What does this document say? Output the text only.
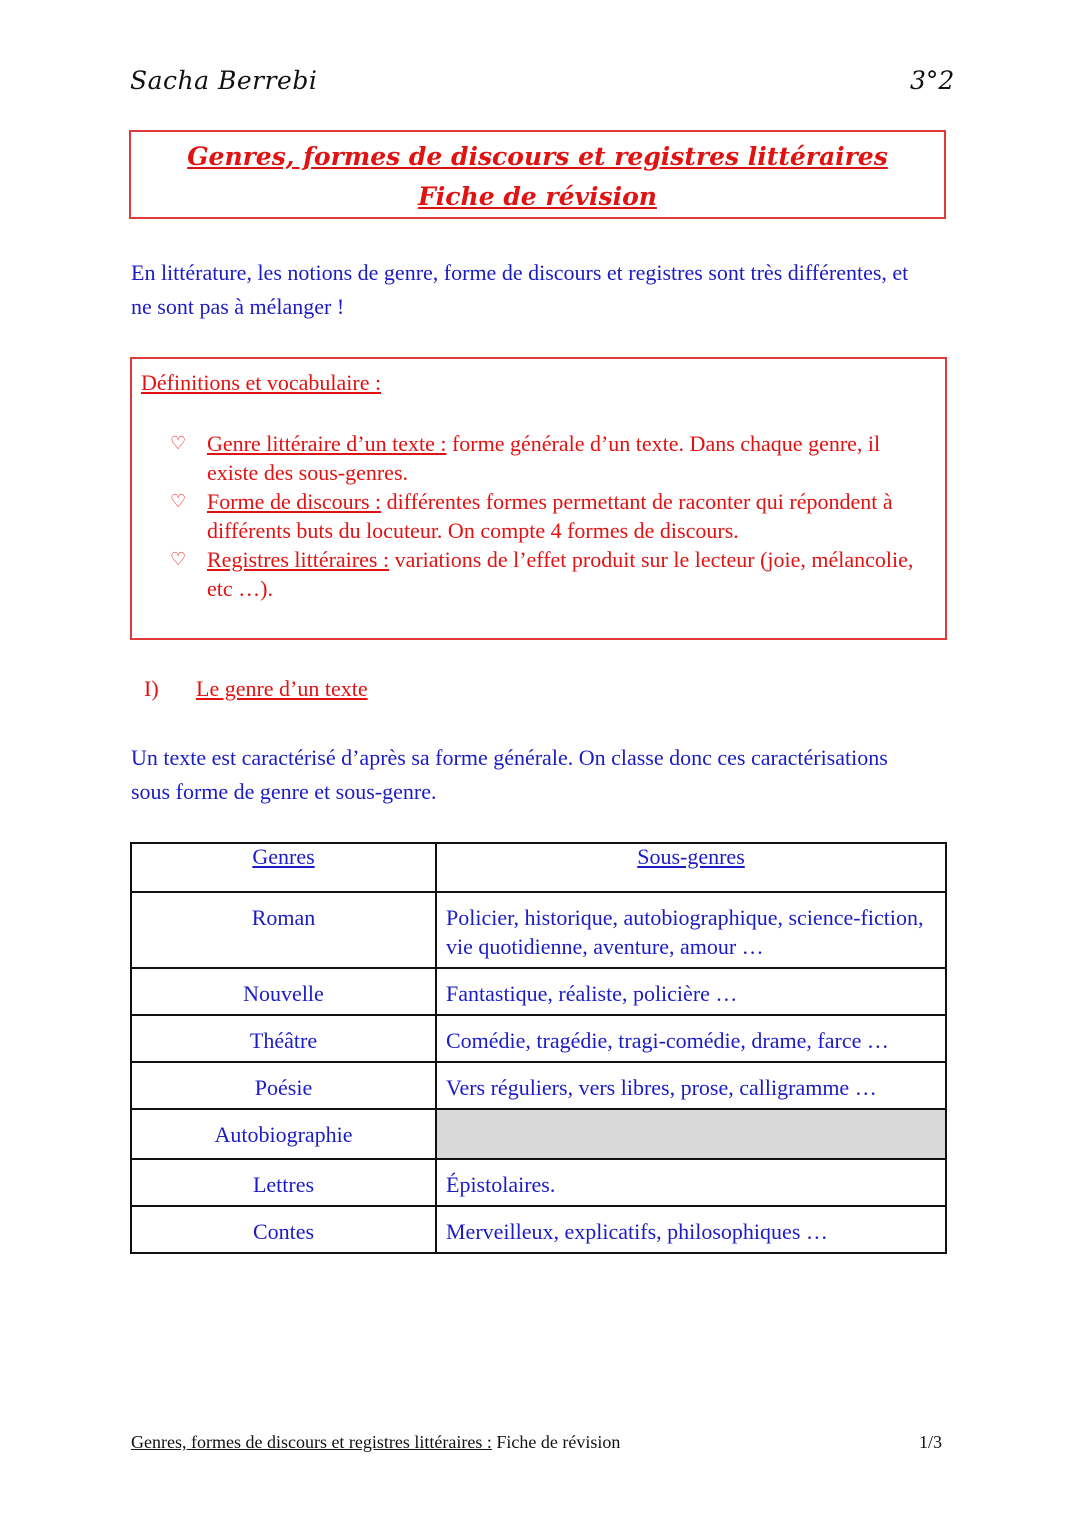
Sacha Berrebi	3°2
Genres, formes de discours et registres littéraires
Fiche de révision
En littérature, les notions de genre, forme de discours et registres sont très différentes, et ne sont pas à mélanger !
Définitions et vocabulaire :
♡ Genre littéraire d’un texte : forme générale d’un texte. Dans chaque genre, il existe des sous-genres.
♡ Forme de discours : différentes formes permettant de raconter qui répondent à différents buts du locuteur. On compte 4 formes de discours.
♡ Registres littéraires : variations de l’effet produit sur le lecteur (joie, mélancolie, etc …).
I) Le genre d’un texte
Un texte est caractérisé d’après sa forme générale. On classe donc ces caractérisations sous forme de genre et sous-genre.
Genres	Sous-genres
Roman	Policier, historique, autobiographique, science-fiction, vie quotidienne, aventure, amour …
Nouvelle	Fantastique, réaliste, policière …
Théâtre	Comédie, tragédie, tragi-comédie, drame, farce …
Poésie	Vers réguliers, vers libres, prose, calligramme …
Autobiographie	
Lettres	Épistolaires.
Contes	Merveilleux, explicatifs, philosophiques …
Genres, formes de discours et registres littéraires : Fiche de révision	1/3
